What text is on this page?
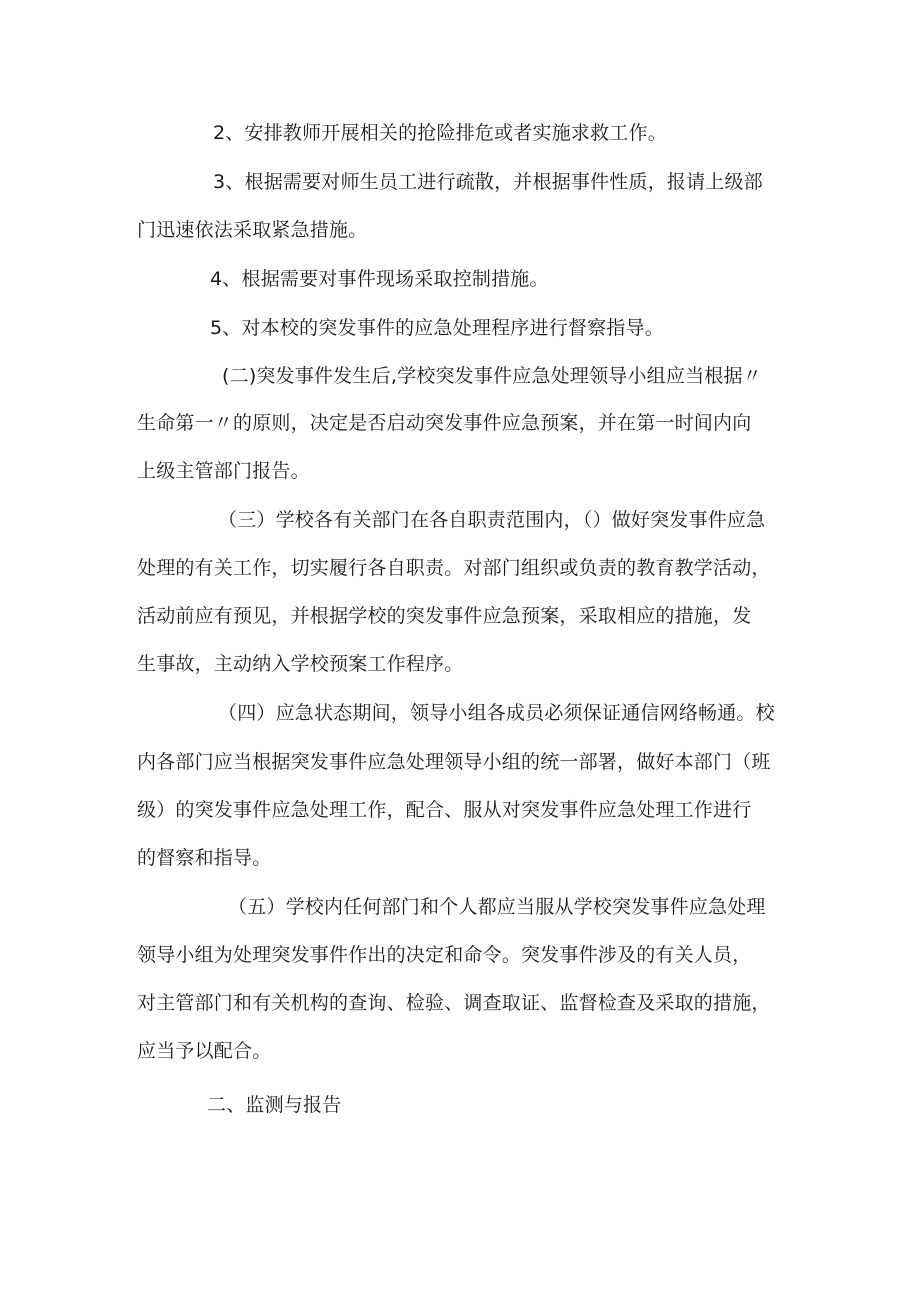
2、安排教师开展相关的抢险排危或者实施求救工作。

3、根据需要对师生员工进行疏散，并根据事件性质，报请上级部

门迅速依法采取紧急措施。

4、根据需要对事件现场采取控制措施。

5、对本校的突发事件的应急处理程序进行督察指导。

(二)突发事件发生后,学校突发事件应急处理领导小组应当根据〃

生命第一〃的原则，决定是否启动突发事件应急预案，并在第一时间内向

上级主管部门报告。

（三）学校各有关部门在各自职责范围内，（）做好突发事件应急

处理的有关工作，切实履行各自职责。对部门组织或负责的教育教学活动，

活动前应有预见，并根据学校的突发事件应急预案，采取相应的措施，发

生事故，主动纳入学校预案工作程序。

（四）应急状态期间，领导小组各成员必须保证通信网络畅通。校

内各部门应当根据突发事件应急处理领导小组的统一部署，做好本部门（班

级）的突发事件应急处理工作，配合、服从对突发事件应急处理工作进行

的督察和指导。

（五）学校内任何部门和个人都应当服从学校突发事件应急处理

领导小组为处理突发事件作出的决定和命令。突发事件涉及的有关人员，

对主管部门和有关机构的查询、检验、调查取证、监督检查及采取的措施，

应当予以配合。

二、监测与报告
